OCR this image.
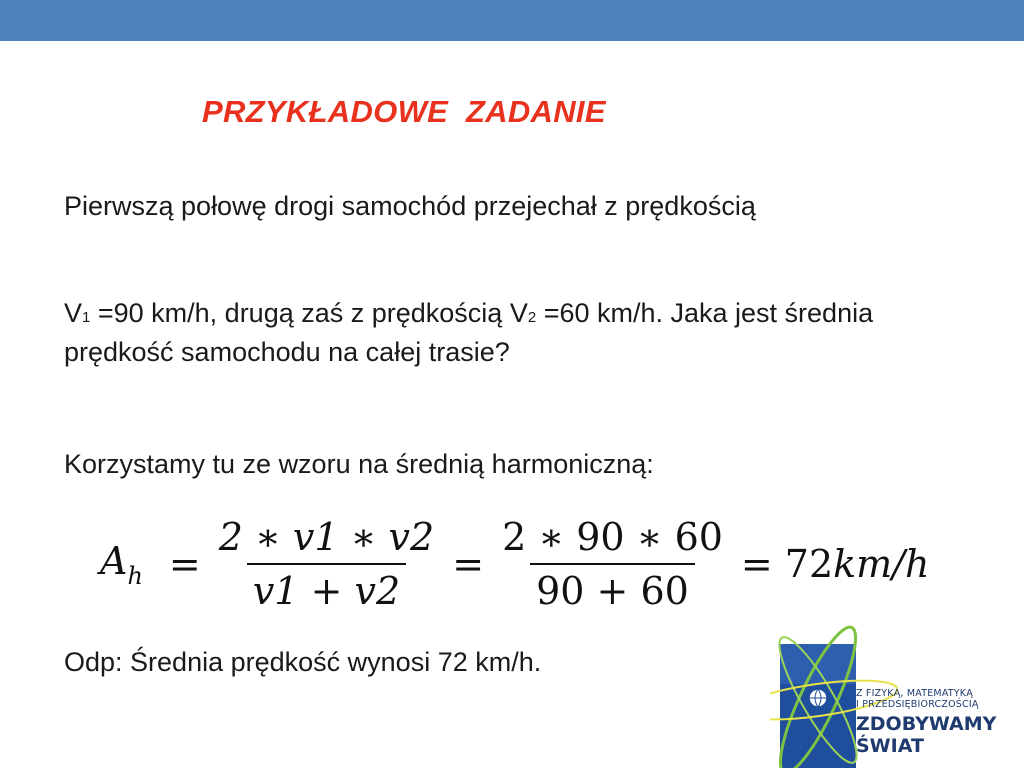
PRZYKŁADOWE  ZADANIE
Pierwszą połowę drogi samochód przejechał z prędkością
V1 =90 km/h, drugą zaś z prędkością V2 =60 km/h. Jaka jest średnia prędkość samochodu na całej trasie?
Korzystamy tu ze wzoru na średnią harmoniczną:
$A_h = \frac{2 ∗ v1 ∗ v2}{v1 + v2} = \frac{2 ∗ 90 ∗ 60}{90 + 60} = 72km/h$
Odp: Średnia prędkość wynosi 72 km/h.
Z FIZYKĄ, MATEMATYKĄ
I PRZEDSIĘBIORCZOŚCIĄ
ZDOBYWAMY
ŚWIAT
